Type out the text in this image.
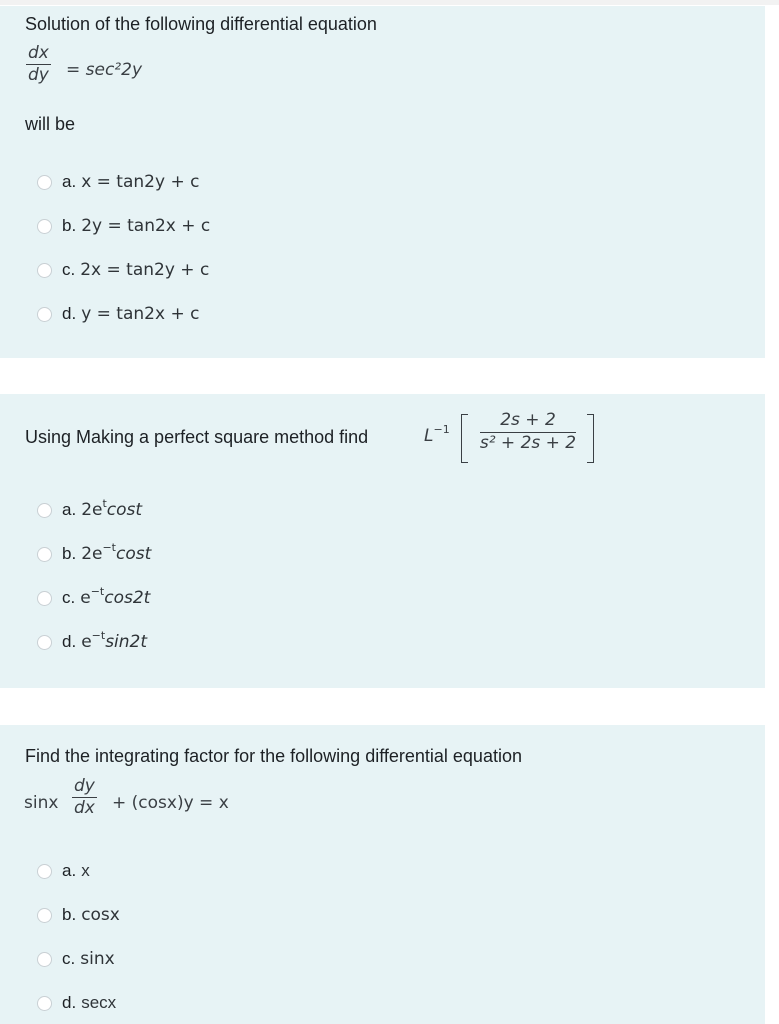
Solution of the following differential equation
$\frac{dx}{dy} = \sec^22y$
will be
a. x = tan2y + c
b. 2y = tan2x + c
c. 2x = tan2y + c
d. y = tan2x + c
Using Making a perfect square method find	$L^{-1} \frac{2s + 2}{\text{s² + 2s + 2}}$
a. $2e^t\cos t$
b. $2e^{-t}\cos t$
c. $e^{-t}\cos 2t$
d. $e^{-t}\sin 2t$
Find the integrating factor for the following differential equation
sinx $\frac{dy}{dx} + (\cos x)y = x$
a. x
b. cosx
c. sinx
d. secx
